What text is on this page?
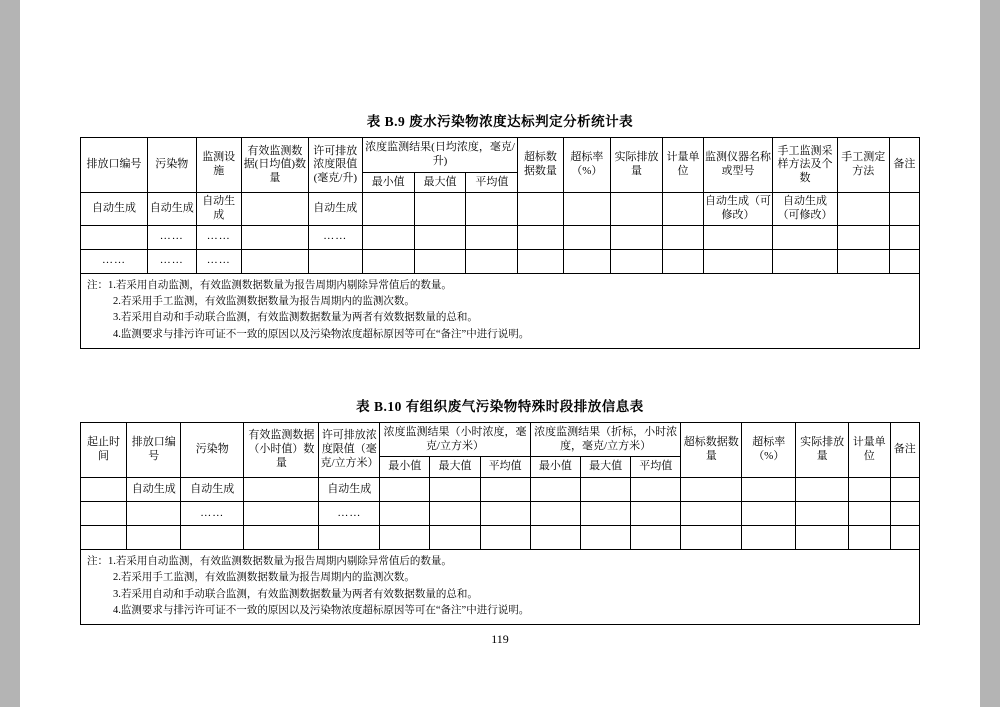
表 B.9 废水污染物浓度达标判定分析统计表
排放口编号	污染物	监测设施	有效监测数据(日均值)数量	许可排放浓度限值(毫克/升)	浓度监测结果(日均浓度，毫克/升)			超标数据数量	超标率（%）	实际排放量	计量单位	监测仪器名称或型号	手工监测采样方法及个数	手工测定方法	备注
					最小值	最大值	平均值								
自动生成	自动生成	自动生成		自动生成								自动生成（可修改）	自动生成（可修改）		
	……	……		……											
……	……	……													

注：1.若采用自动监测，有效监测数据数量为报告周期内剔除异常值后的数量。
2.若采用手工监测，有效监测数据数量为报告周期内的监测次数。
3.若采用自动和手动联合监测，有效监测数据数量为两者有效数据数量的总和。
4.监测要求与排污许可证不一致的原因以及污染物浓度超标原因等可在“备注”中进行说明。															
表 B.10 有组织废气污染物特殊时段排放信息表
起止时间	排放口编号	污染物	有效监测数据（小时值）数量	许可排放浓度限值（毫克/立方米）	浓度监测结果（小时浓度，毫克/立方米）			浓度监测结果（折标，小时浓度，毫克/立方米）			超标数据数量	超标率（%）	实际排放量	计量单位	备注
					最小值	最大值	平均值	最小值	最大值	平均值					
	自动生成	自动生成		自动生成											
		……		……											

注：1.若采用自动监测，有效监测数据数量为报告周期内剔除异常值后的数量。
2.若采用手工监测，有效监测数据数量为报告周期内的监测次数。
3.若采用自动和手动联合监测，有效监测数据数量为两者有效数据数量的总和。
4.监测要求与排污许可证不一致的原因以及污染物浓度超标原因等可在“备注”中进行说明。															
119
